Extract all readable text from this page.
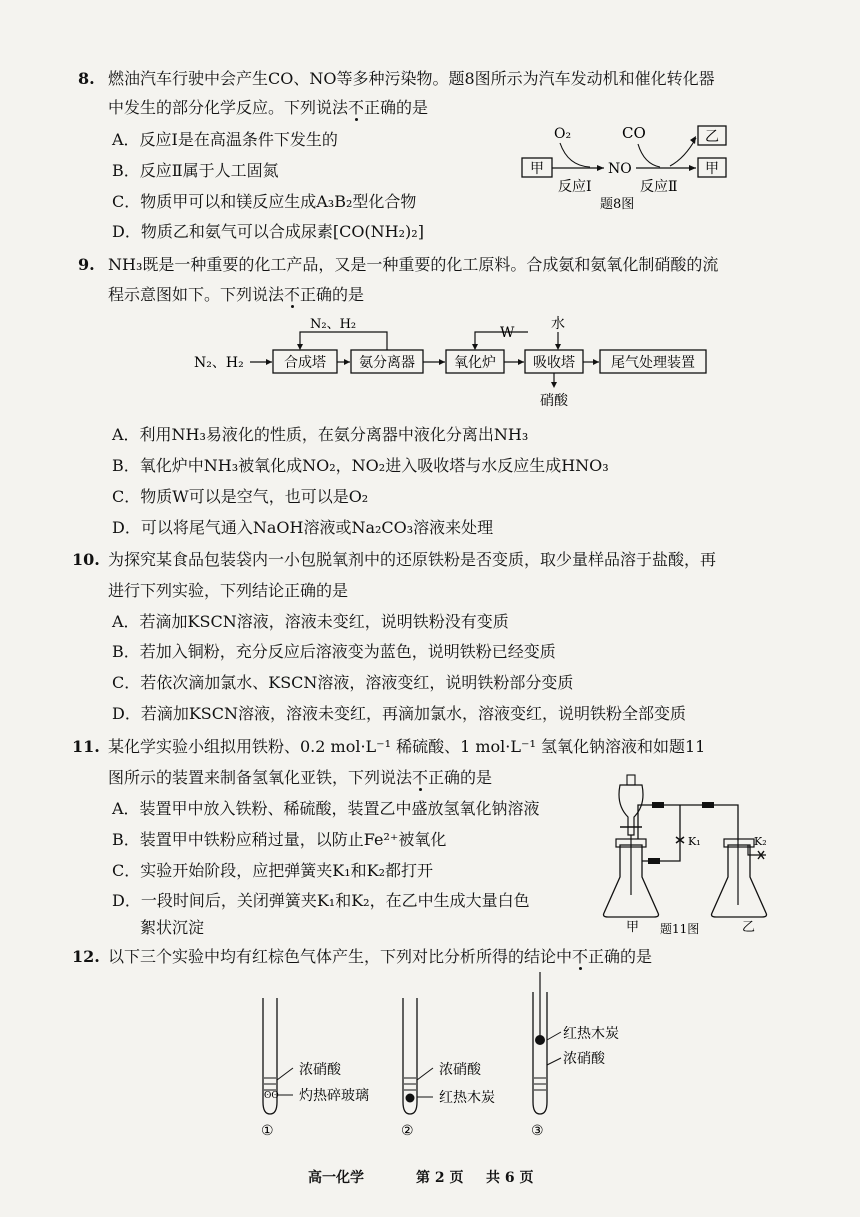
8. 燃油汽车行驶中会产生CO、NO等多种污染物。题8图所示为汽车发动机和催化转化器
中发生的部分化学反应。下列说法不正确的是
A．反应Ⅰ是在高温条件下发生的
B．反应Ⅱ属于人工固氮
C．物质甲可以和镁反应生成A₃B₂型化合物
D．物质乙和氨气可以合成尿素[CO(NH₂)₂]
O₂	CO	乙
甲	NO	甲
反应Ⅰ	反应Ⅱ
题8图
9. NH₃既是一种重要的化工产品，又是一种重要的化工原料。合成氨和氨氧化制硝酸的流
程示意图如下。下列说法不正确的是
N₂、H₂	合成塔 氨分离器
N₂、H₂
氧化炉
W
吸收塔
水
硝酸
尾气处理装置
A．利用NH₃易液化的性质，在氨分离器中液化分离出NH₃
B．氧化炉中NH₃被氧化成NO₂，NO₂进入吸收塔与水反应生成HNO₃
C．物质W可以是空气，也可以是O₂
D．可以将尾气通入NaOH溶液或Na₂CO₃溶液来处理
10. 为探究某食品包装袋内一小包脱氧剂中的还原铁粉是否变质，取少量样品溶于盐酸，再
进行下列实验，下列结论正确的是
A．若滴加KSCN溶液，溶液未变红，说明铁粉没有变质
B．若加入铜粉，充分反应后溶液变为蓝色，说明铁粉已经变质
C．若依次滴加氯水、KSCN溶液，溶液变红，说明铁粉部分变质
D．若滴加KSCN溶液，溶液未变红，再滴加氯水，溶液变红，说明铁粉全部变质
11. 某化学实验小组拟用铁粉、0.2 mol·L⁻¹ 稀硫酸、1 mol·L⁻¹ 氢氧化钠溶液和如题11
图所示的装置来制备氢氧化亚铁，下列说法不正确的是
A．装置甲中放入铁粉、稀硫酸，装置乙中盛放氢氧化钠溶液
B．装置甲中铁粉应稍过量，以防止Fe²⁺被氧化
C．实验开始阶段，应把弹簧夹K₁和K₂都打开
D．一段时间后，关闭弹簧夹K₁和K₂，在乙中生成大量白色
絮状沉淀
K₁	K₂
甲 题11图	乙
12. 以下三个实验中均有红棕色气体产生，下列对比分析所得的结论中不正确的是
ʘʘ
浓硝酸
灼热碎玻璃
①
浓硝酸
红热木炭
②
红热木炭
浓硝酸
③
高一化学	第 2 页 共 6 页
